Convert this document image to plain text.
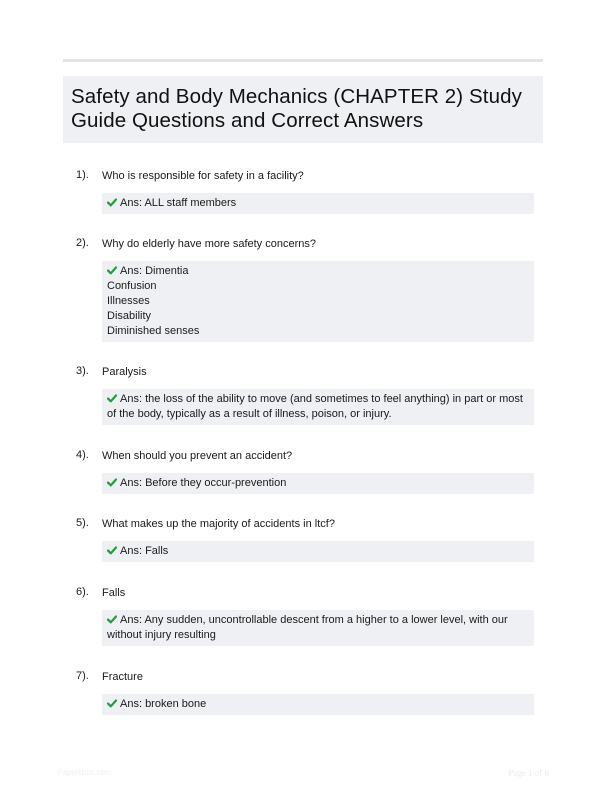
Safety and Body Mechanics (CHAPTER 2) Study Guide Questions and Correct Answers
1). Who is responsible for safety in a facility?
Ans: ALL staff members
2). Why do elderly have more safety concerns?
Ans: Dimentia
Confusion
Illnesses
Disability
Diminished senses
3). Paralysis
Ans: the loss of the ability to move (and sometimes to feel anything) in part or most of the body, typically as a result of illness, poison, or injury.
4). When should you prevent an accident?
Ans: Before they occur-prevention
5). What makes up the majority of accidents in ltcf?
Ans: Falls
6). Falls
Ans: Any sudden, uncontrollable descent from a higher to a lower level, with our without injury resulting
7). Fracture
Ans: broken bone
Paperlibtic.com	Page 1 of 6
